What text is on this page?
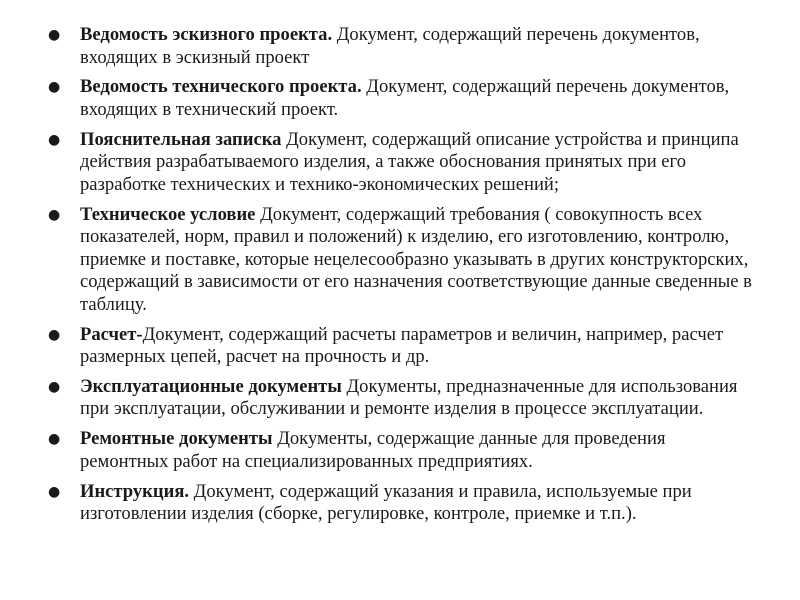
●	Ведомость эскизного проекта. Документ, содержащий перечень документов, входящих в эскизный проект
●	Ведомость технического проекта. Документ, содержащий перечень документов, входящих в технический проект.
●	Пояснительная записка Документ, содержащий описание устройства и принципа действия разрабатываемого изделия, а также обоснования принятых при его разработке технических и технико-экономических решений;
●	Техническое условие Документ, содержащий требования ( совокупность всех показателей, норм, правил и положений) к изделию, его изготовлению, контролю, приемке и поставке, которые нецелесообразно указывать в других конструкторских, содержащий в зависимости от его назначения соответствующие данные сведенные в таблицу.
●	Расчет-Документ, содержащий расчеты параметров и величин, например, расчет размерных цепей, расчет на прочность и др.
●	Эксплуатационные документы Документы, предназначенные для использования при эксплуатации, обслуживании и ремонте изделия в процессе эксплуатации.
●	Ремонтные документы Документы, содержащие данные для проведения ремонтных работ на специализированных предприятиях.
●	Инструкция. Документ, содержащий указания и правила, используемые при изготовлении изделия (сборке, регулировке, контроле, приемке и т.п.).
